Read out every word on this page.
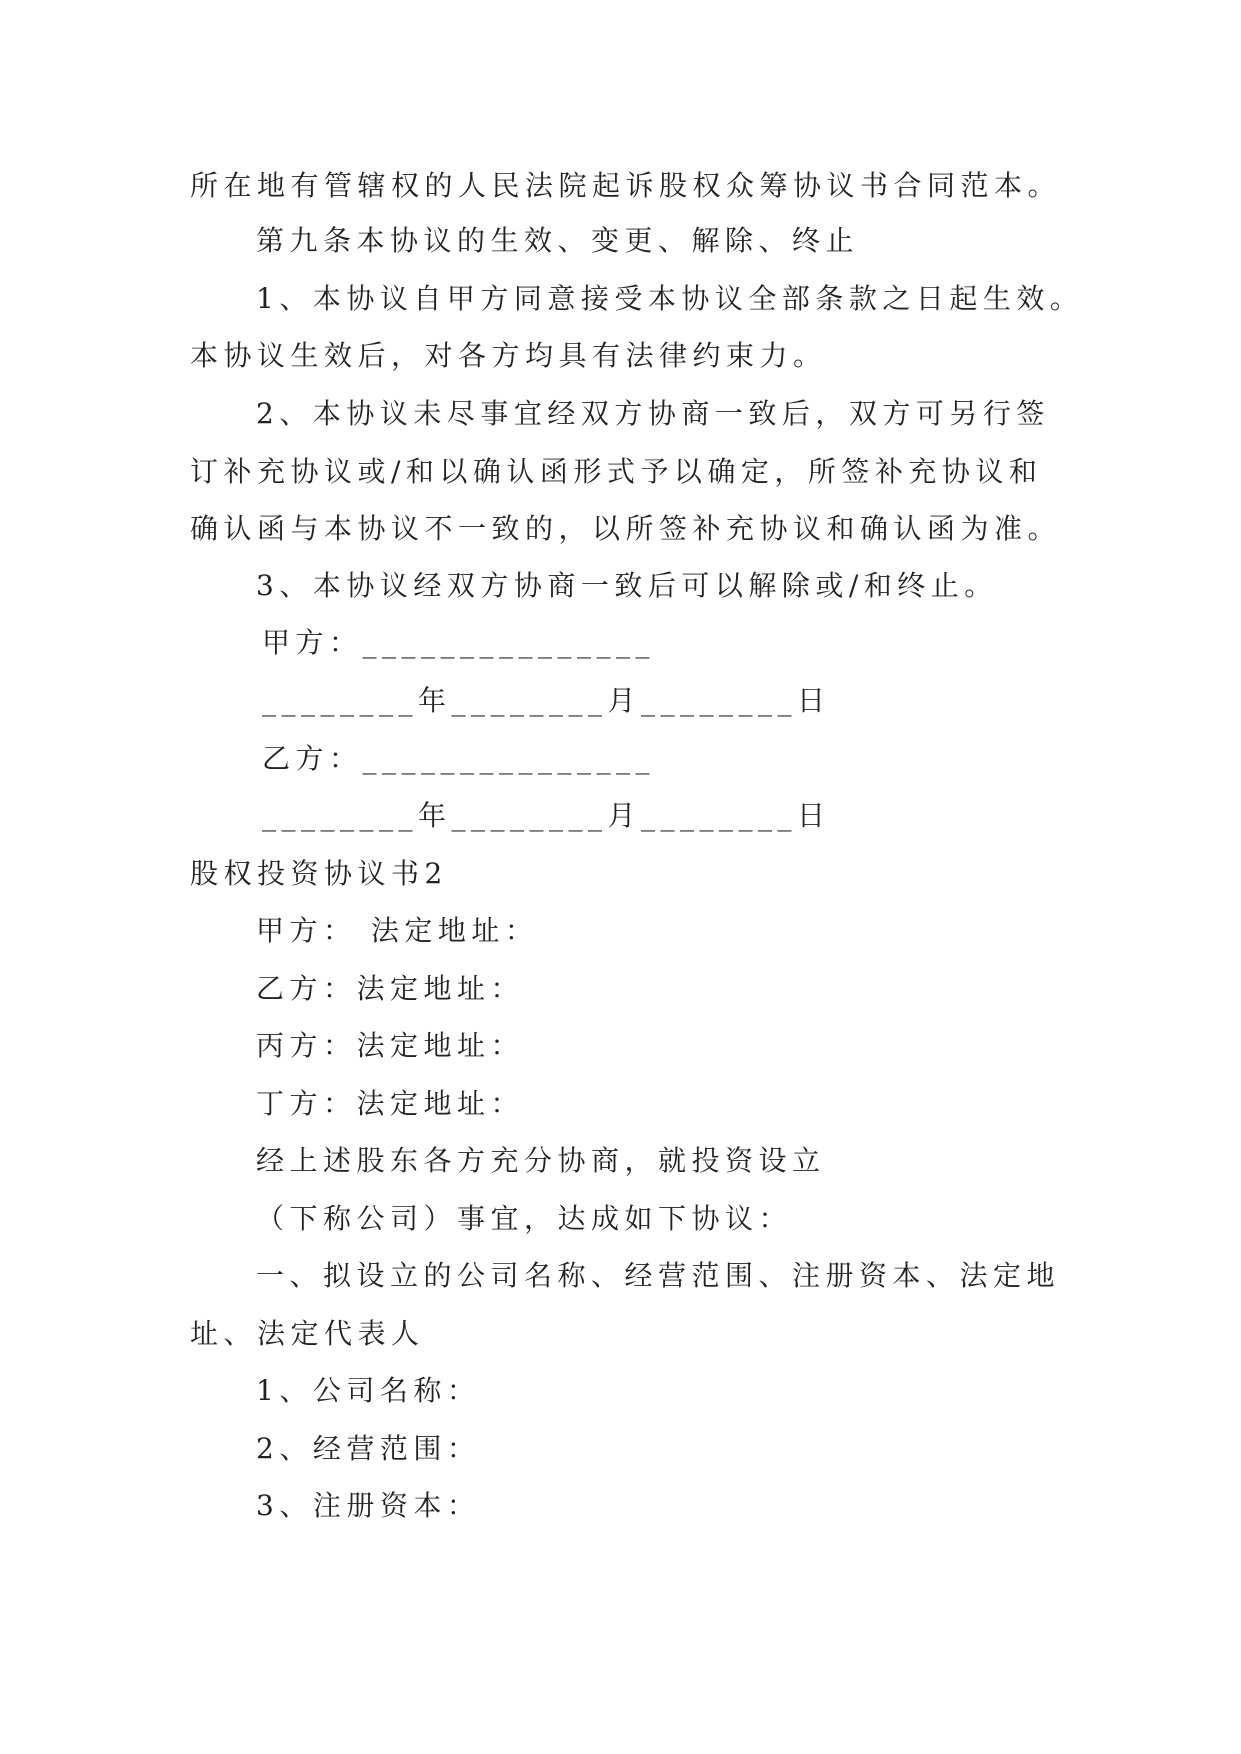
所在地有管辖权的人民法院起诉股权众筹协议书合同范本。
第九条本协议的生效、变更、解除、终止
1、本协议自甲方同意接受本协议全部条款之日起生效。
本协议生效后，对各方均具有法律约束力。
2、本协议未尽事宜经双方协商一致后，双方可另行签
订补充协议或/和以确认函形式予以确定，所签补充协议和
确认函与本协议不一致的，以所签补充协议和确认函为准。
3、本协议经双方协商一致后可以解除或/和终止。
甲方：_______________
________年________月________日
乙方：_______________
________年________月________日
股权投资协议书2
甲方： 法定地址：
乙方：法定地址：
丙方：法定地址：
丁方：法定地址：
经上述股东各方充分协商，就投资设立
（下称公司）事宜，达成如下协议：
一、拟设立的公司名称、经营范围、注册资本、法定地
址、法定代表人
1、公司名称：
2、经营范围：
3、注册资本：
